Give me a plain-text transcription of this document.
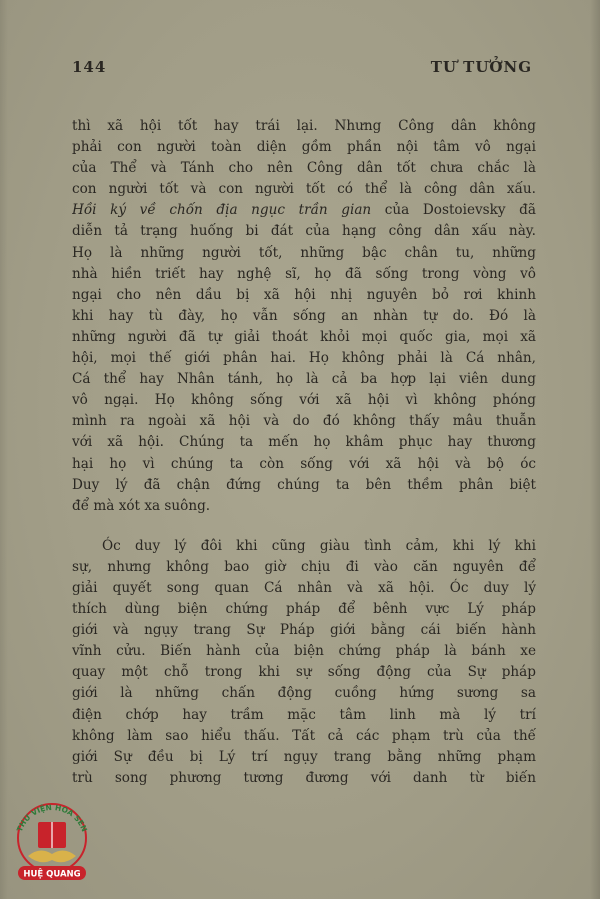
144	TƯ TƯỞNG
thì xã hội tốt hay trái lại. Nhưng Công dân không
phải con người toàn diện gồm phần nội tâm vô ngại
của Thể và Tánh cho nên Công dân tốt chưa chắc là
con người tốt và con người tốt có thể là công dân xấu.
Hồi ký về chốn địa ngục trần gian của Dostoievsky đã
diễn tả trạng huống bi đát của hạng công dân xấu này.
Họ là những người tốt, những bậc chân tu, những
nhà hiền triết hay nghệ sĩ, họ đã sống trong vòng vô
ngại cho nên dầu bị xã hội nhị nguyên bỏ rơi khinh
khi hay tù đày, họ vẫn sống an nhàn tự do. Đó là
những người đã tự giải thoát khỏi mọi quốc gia, mọi xã
hội, mọi thế giới phân hai. Họ không phải là Cá nhân,
Cá thể hay Nhân tánh, họ là cả ba hợp lại viên dung
vô ngại. Họ không sống với xã hội vì không phóng
mình ra ngoài xã hội và do đó không thấy mâu thuẫn
với xã hội. Chúng ta mến họ khâm phục hay thương
hại họ vì chúng ta còn sống với xã hội và bộ óc
Duy lý đã chận đứng chúng ta bên thềm phân biệt
để mà xót xa suông.
Óc duy lý đôi khi cũng giàu tình cảm, khi lý khi
sự, nhưng không bao giờ chịu đi vào căn nguyên để
giải quyết song quan Cá nhân và xã hội. Óc duy lý
thích dùng biện chứng pháp để bênh vực Lý pháp
giới và ngụy trang Sự Pháp giới bằng cái biến hành
vĩnh cửu. Biến hành của biện chứng pháp là bánh xe
quay một chỗ trong khi sự sống động của Sự pháp
giới là những chấn động cuồng hứng sương sa
điện chớp hay trầm mặc tâm linh mà lý trí
không làm sao hiểu thấu. Tất cả các phạm trù của thế
giới Sự đều bị Lý trí ngụy trang bằng những phạm
trù song phương tương đương với danh từ biến
THƯ VIỆN HOA SEN
HUỆ QUANG
